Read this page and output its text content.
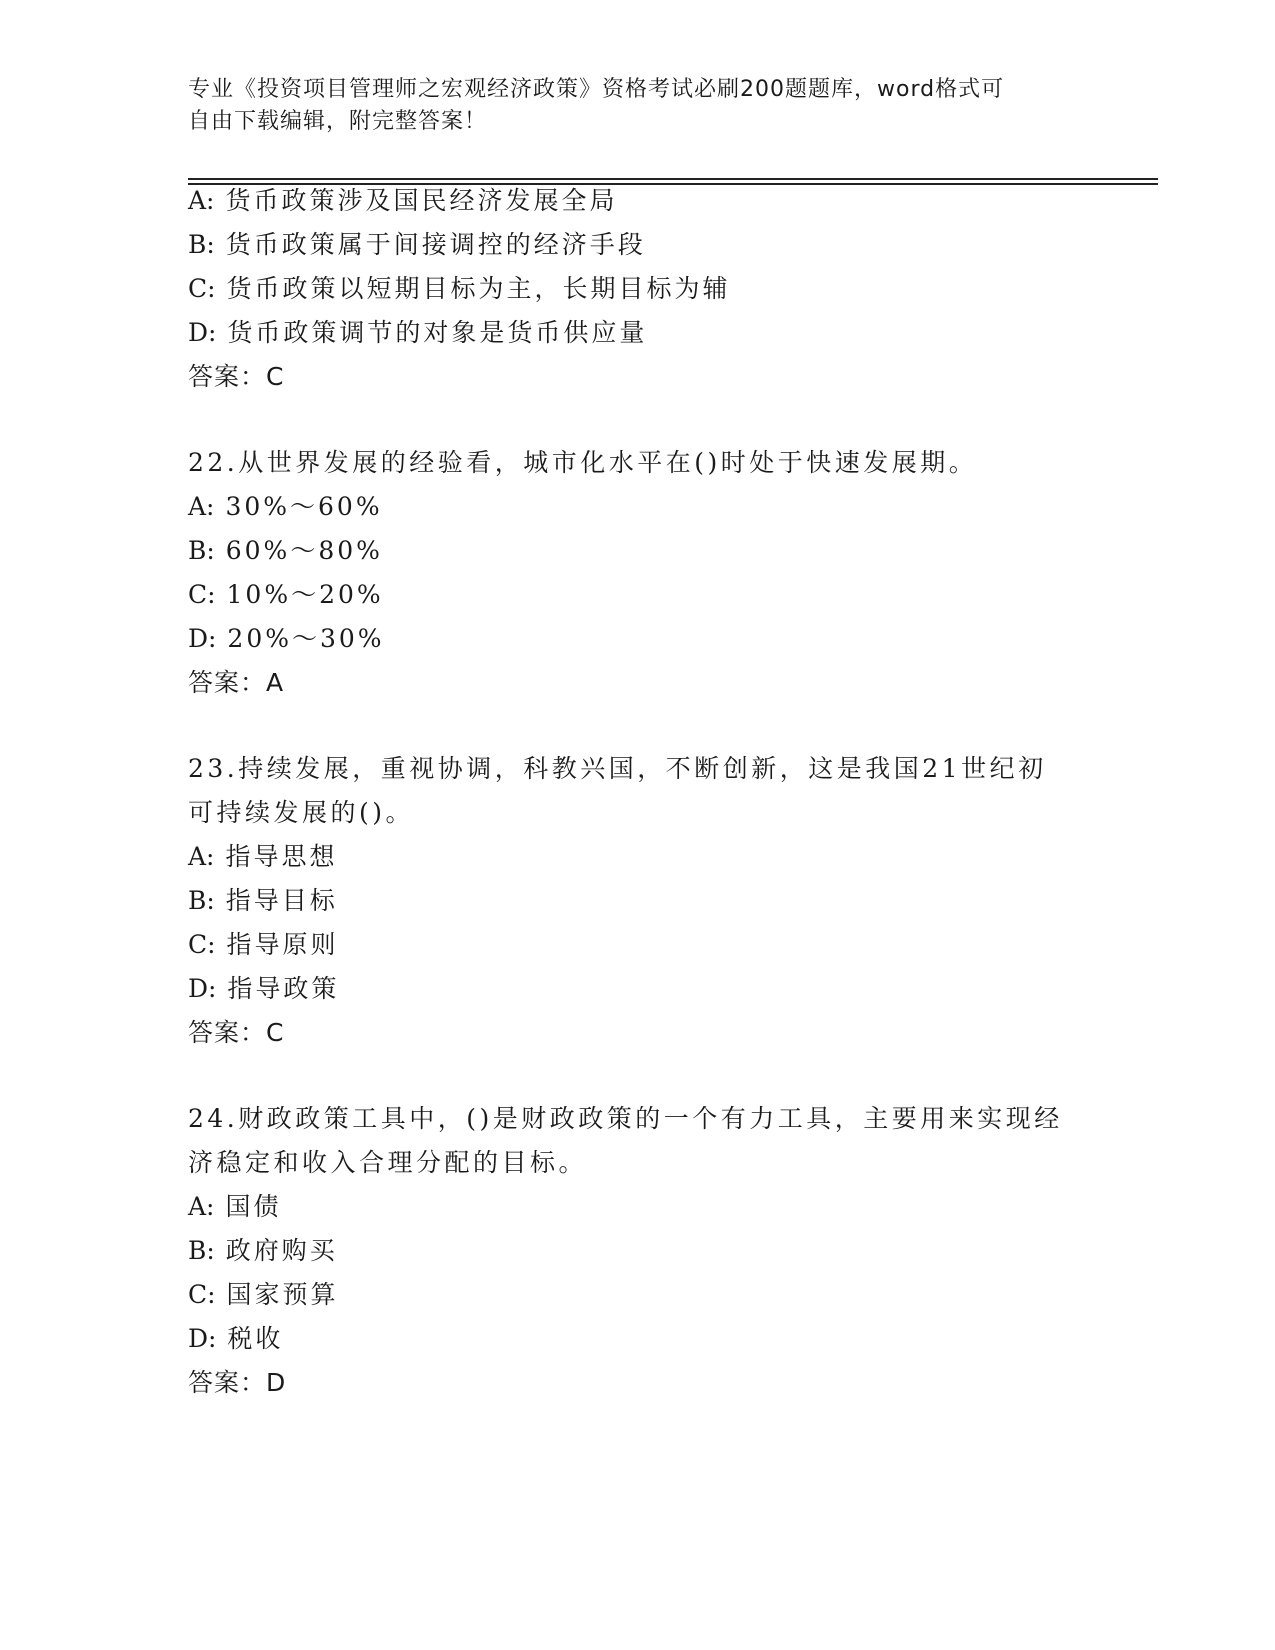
专业《投资项目管理师之宏观经济政策》资格考试必刷200题题库，word格式可
自由下载编辑，附完整答案！
A: 货币政策涉及国民经济发展全局
B: 货币政策属于间接调控的经济手段
C: 货币政策以短期目标为主，长期目标为辅
D: 货币政策调节的对象是货币供应量
答案：C
22.从世界发展的经验看，城市化水平在()时处于快速发展期。
A: 30%～60%
B: 60%～80%
C: 10%～20%
D: 20%～30%
答案：A
23.持续发展，重视协调，科教兴国，不断创新，这是我国21世纪初
可持续发展的()。
A: 指导思想
B: 指导目标
C: 指导原则
D: 指导政策
答案：C
24.财政政策工具中，()是财政政策的一个有力工具，主要用来实现经
济稳定和收入合理分配的目标。
A: 国债
B: 政府购买
C: 国家预算
D: 税收
答案：D
